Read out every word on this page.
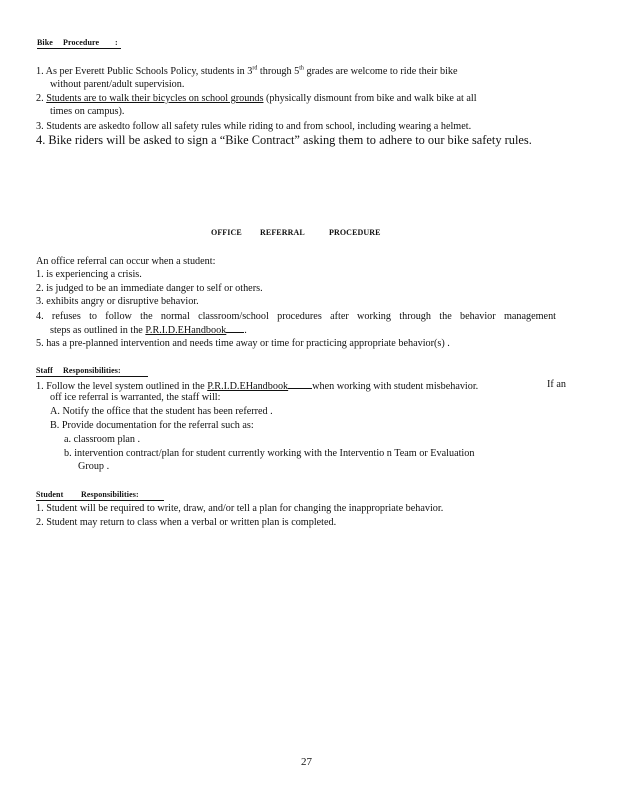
Bike Procedure :
1. As per Everett Public Schools Policy, students in 3rd through 5th grades are welcome to ride their bike
without parent/adult supervision.
2. Students are to walk their bicycles on school grounds (physically dismount from bike and walk bike at all
times on campus).
3. Students are askedto follow all safety rules while riding to and from school, including wearing a helmet.
4. Bike riders will be asked to sign a “Bike Contract” asking them to adhere to our bike safety rules.
OFFICE REFERRAL	PROCEDURE
An office referral can occur when a student:
1. is experiencing a crisis.
2. is judged to be an immediate danger to self or others.
3. exhibits angry or disruptive behavior.
4. refuses to follow the normal classroom/school procedures after working through the behavior management
steps as outlined in the P.R.I.D.EHandbook .
5. has a pre-planned intervention and needs time away or time for practicing appropriate behavior(s) .
Staff Responsibilities:
1. Follow the level system outlined in the P.R.I.D.EHandbook when working with student misbehavior.	If an
off ice referral is warranted, the staff will:
A. Notify the office that the student has been referred .
B. Provide documentation for the referral such as:
a. classroom plan .
b. intervention contract/plan for student currently working with the Interventio n Team or Evaluation
Group .
Student Responsibilities:
1. Student will be required to write, draw, and/or tell a plan for changing the inappropriate behavior.
2. Student may return to class when a verbal or written plan is completed.
27
